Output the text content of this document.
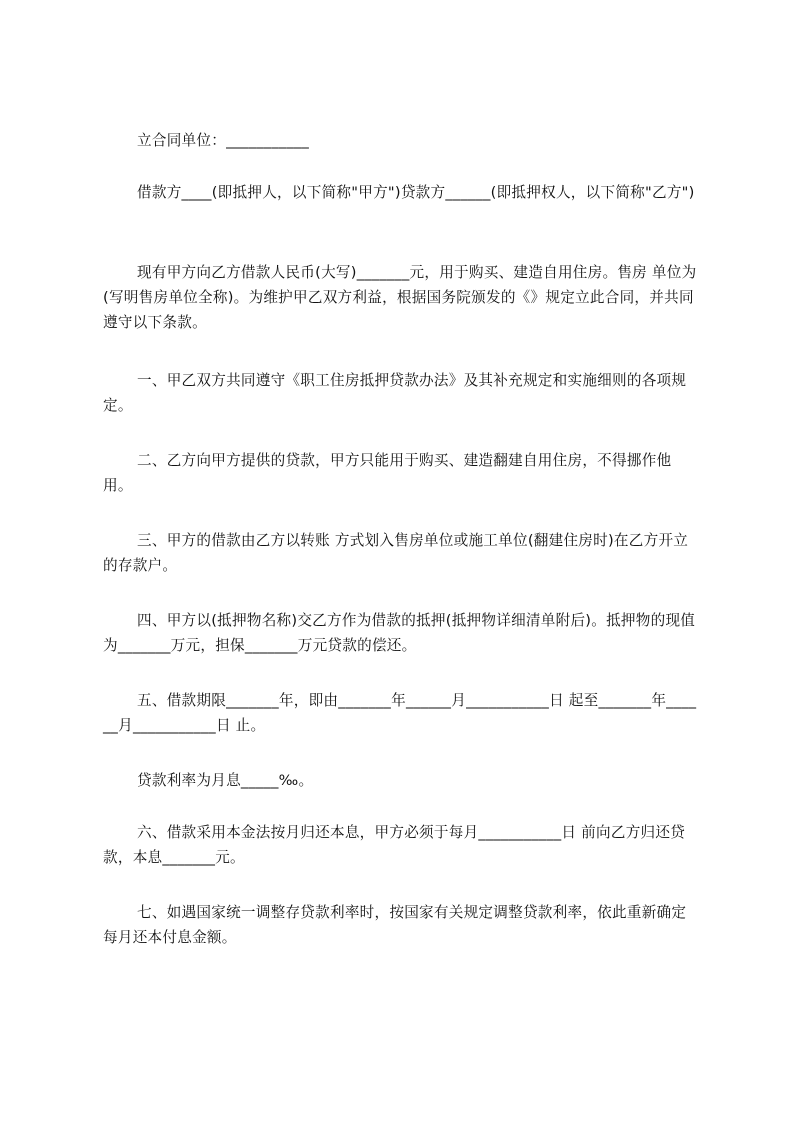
立合同单位：___________

借款方____(即抵押人，以下简称"甲方")贷款方______(即抵押权人，以下简称"乙方")

现有甲方向乙方借款人民币(大写)_______元，用于购买、建造自用住房。售房 单位为(写明售房单位全称)。为维护甲乙双方利益，根据国务院颁发的《》规定立此合同，并共同遵守以下条款。

一、甲乙双方共同遵守《职工住房抵押贷款办法》及其补充规定和实施细则的各项规定。

二、乙方向甲方提供的贷款，甲方只能用于购买、建造翻建自用住房，不得挪作他用。

三、甲方的借款由乙方以转账 方式划入售房单位或施工单位(翻建住房时)在乙方开立的存款户。

四、甲方以(抵押物名称)交乙方作为借款的抵押(抵押物详细清单附后)。抵押物的现值为_______万元，担保_______万元贷款的偿还。

五、借款期限_______年，即由_______年______月___________日 起至_______年______月___________日 止。

贷款利率为月息_____‰。

六、借款采用本金法按月归还本息，甲方必须于每月___________日 前向乙方归还贷款，本息_______元。

七、如遇国家统一调整存贷款利率时，按国家有关规定调整贷款利率，依此重新确定每月还本付息金额。
